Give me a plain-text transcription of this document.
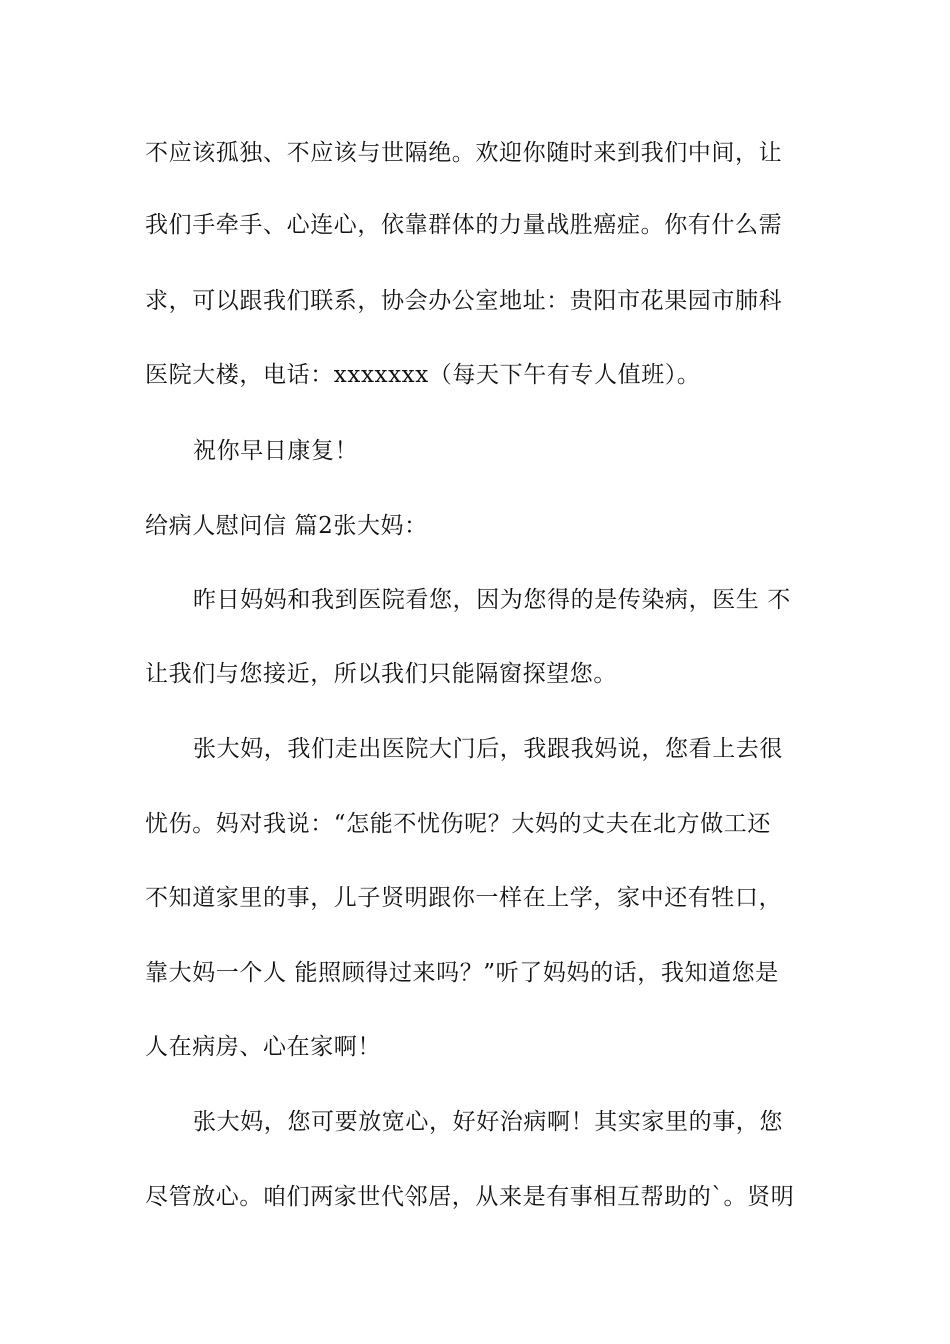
不应该孤独、不应该与世隔绝。欢迎你随时来到我们中间，让
我们手牵手、心连心，依靠群体的力量战胜癌症。你有什么需
求，可以跟我们联系，协会办公室地址：贵阳市花果园市肺科
医院大楼，电话：xxxxxxx（每天下午有专人值班）。
祝你早日康复！
给病人慰问信 篇2张大妈：
昨日妈妈和我到医院看您，因为您得的是传染病，医生 不
让我们与您接近，所以我们只能隔窗探望您。
张大妈，我们走出医院大门后，我跟我妈说，您看上去很
忧伤。妈对我说：“怎能不忧伤呢？大妈的丈夫在北方做工还
不知道家里的事，儿子贤明跟你一样在上学，家中还有牲口，
靠大妈一个人 能照顾得过来吗？”听了妈妈的话，我知道您是
人在病房、心在家啊！
张大妈，您可要放宽心，好好治病啊！其实家里的事，您
尽管放心。咱们两家世代邻居，从来是有事相互帮助的`。贤明
